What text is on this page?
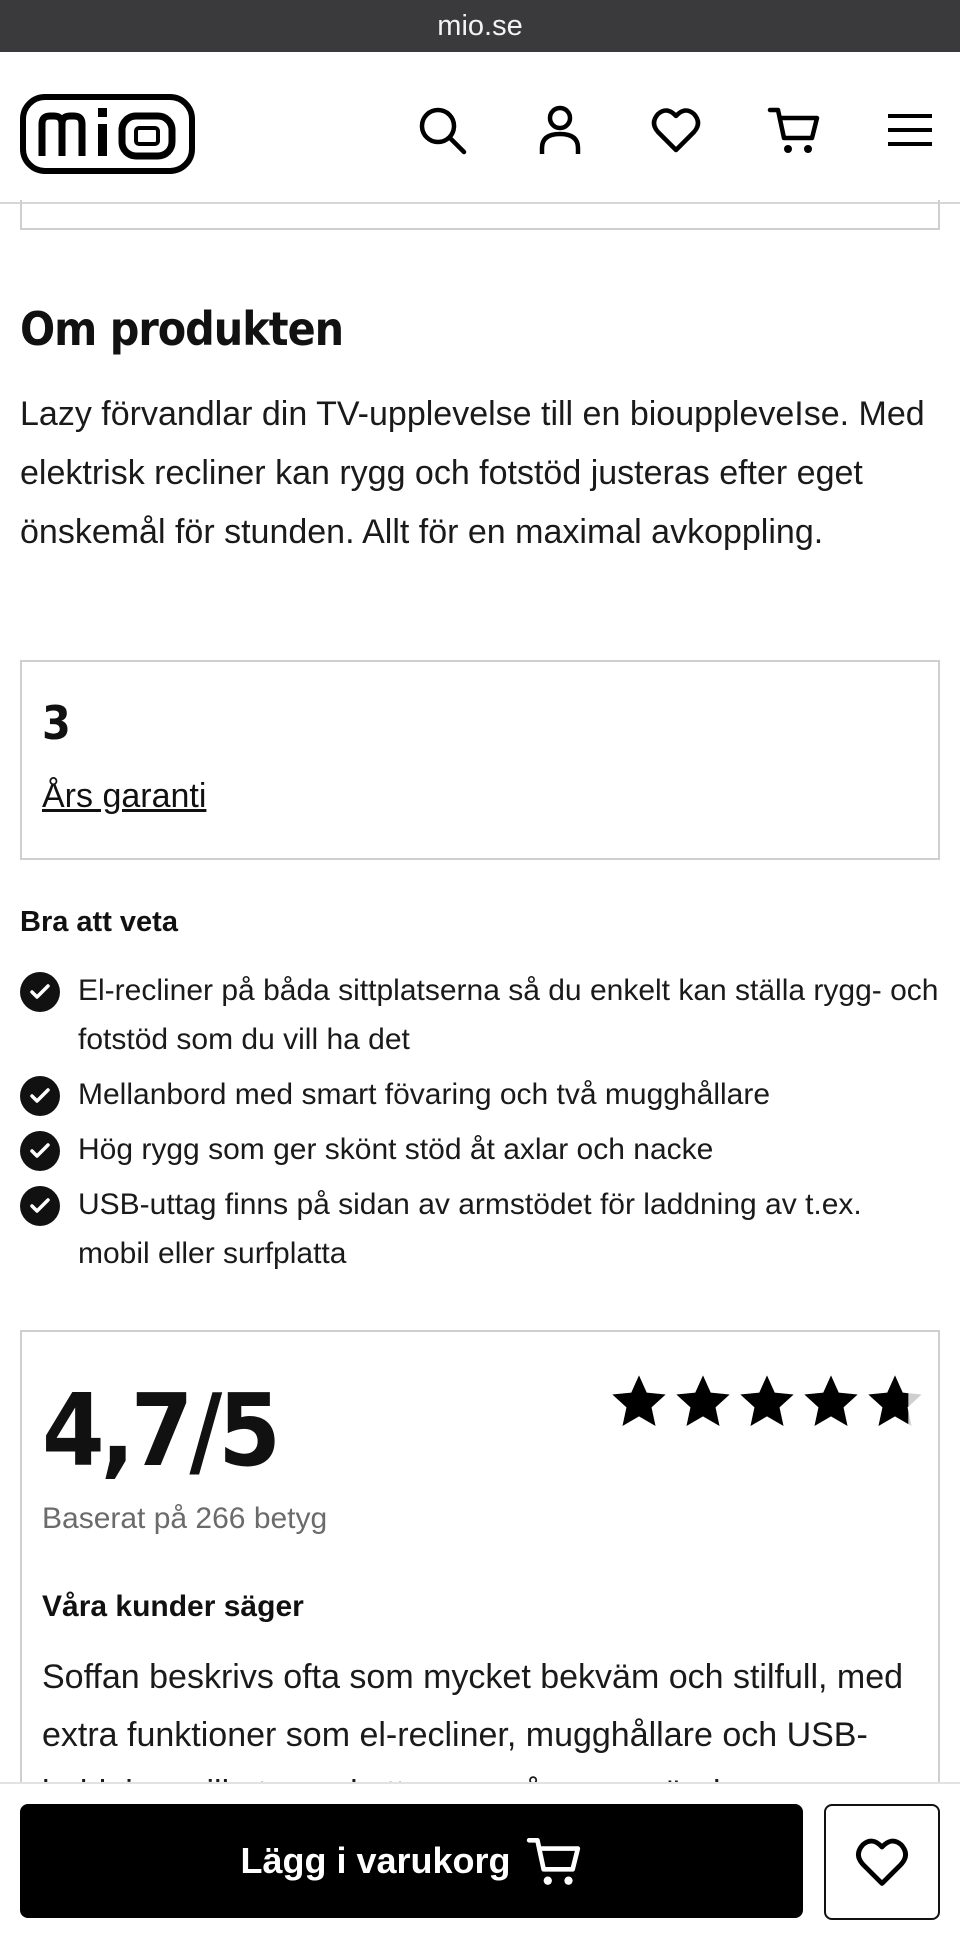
mio.se
Om produkten

Lazy förvandlar din TV-upplevelse till en biouppleveIse. Med elektrisk recliner kan rygg och fotstöd justeras efter eget önskemål för stunden. Allt för en maximal avkoppling.

3
Års garanti
Bra att veta
El-recliner på båda sittplatserna så du enkelt kan ställa rygg- och fotstöd som du vill ha det
Mellanbord med smart fövaring och två mugghållare
Hög rygg som ger skönt stöd åt axlar och nacke
USB-uttag finns på sidan av armstödet för laddning av t.ex. mobil eller surfplatta
4,7/5
Baserat på 266 betyg
Våra kunder säger

Soffan beskrivs ofta som mycket bekväm och stilfull, med extra funktioner som el-recliner, mugghållare och USB-

Lägg i varukorg
